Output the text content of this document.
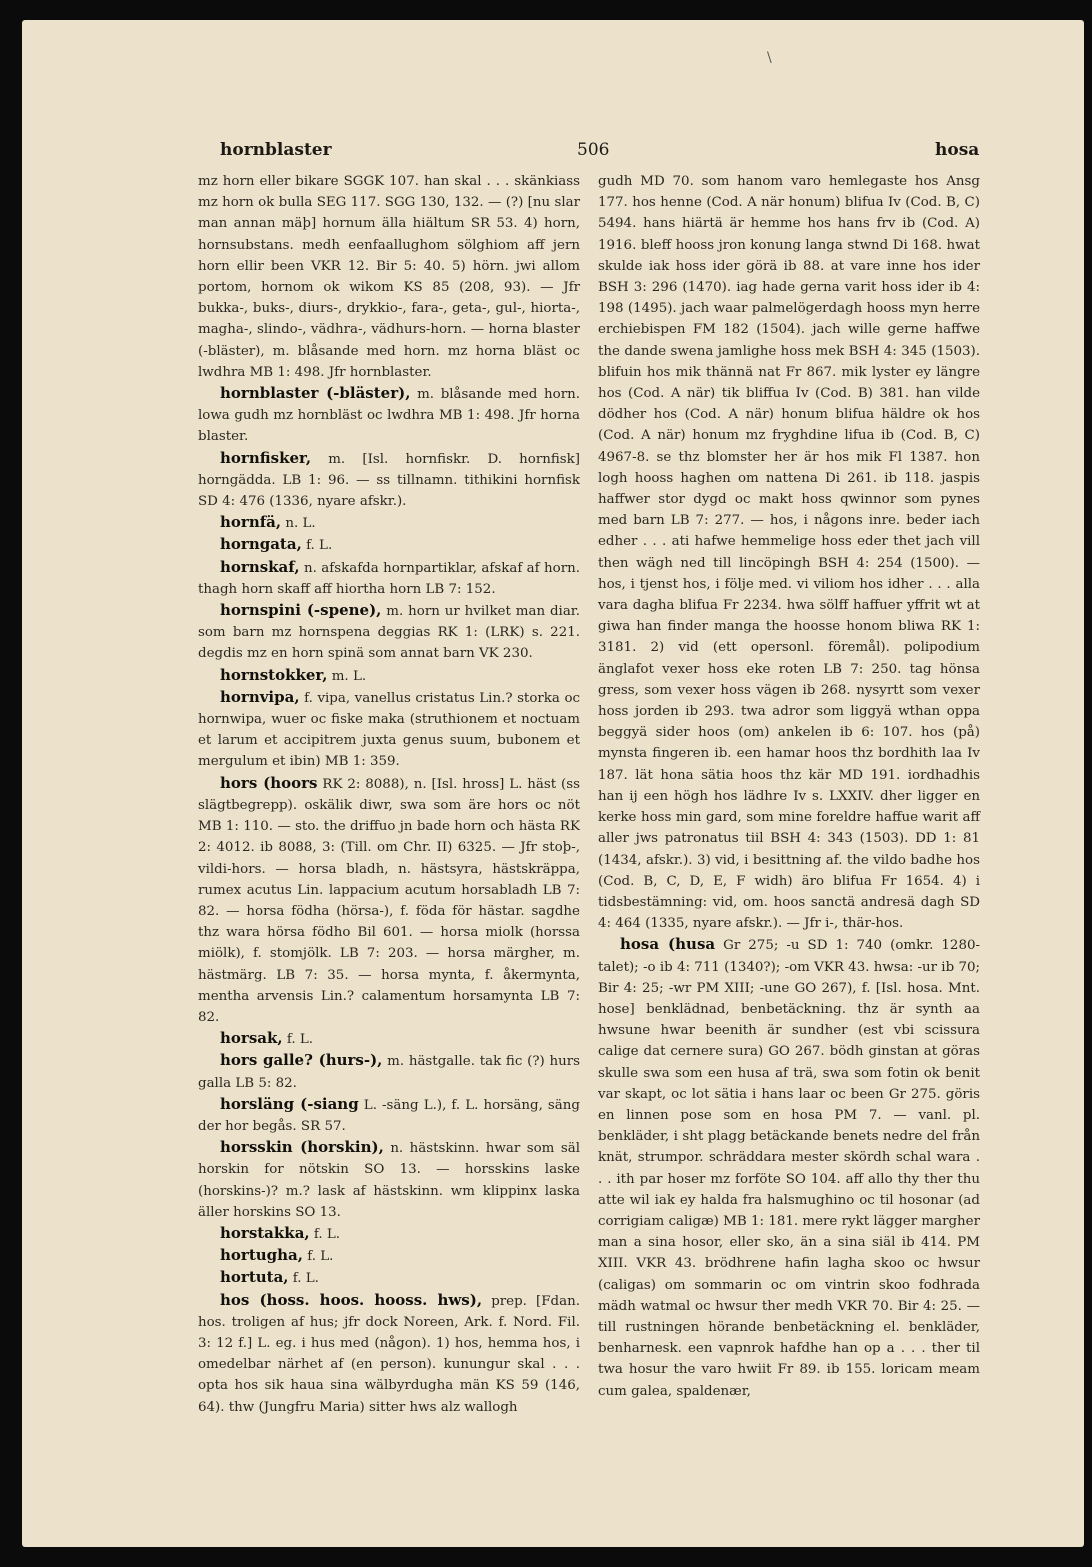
\
hornblaster	506	hosa

mz horn eller bikare SGGK 107. han skal . . . skänkiass mz horn ok bulla SEG 117. SGG 130, 132. — (?) [nu slar man annan mäþ] hornum älla hiältum SR 53. 4) horn, hornsubstans. medh eenfaallughom sölghiom aff jern horn ellir been VKR 12. Bir 5: 40. 5) hörn. jwi allom portom, hornom ok wikom KS 85 (208, 93). — Jfr bukka-, buks-, diurs-, drykkio-, fara-, geta-, gul-, hiorta-, magha-, slindo-, vädhra-, vädhurs-horn. — horna blaster (-bläster), m. blåsande med horn. mz horna bläst oc lwdhra MB 1: 498. Jfr hornblaster.

hornblaster (-bläster), m. blåsande med horn. lowa gudh mz hornbläst oc lwdhra MB 1: 498. Jfr horna blaster.

hornfisker, m. [Isl. hornfiskr. D. hornfisk] horngädda. LB 1: 96. — ss tillnamn. tithikini hornfisk SD 4: 476 (1336, nyare afskr.).

hornfä, n. L.

horngata, f. L.

hornskaf, n. afskafda hornpartiklar, afskaf af horn. thagh horn skaff aff hiortha horn LB 7: 152.

hornspini (-spene), m. horn ur hvilket man diar. som barn mz hornspena deggias RK 1: (LRK) s. 221. degdis mz en horn spinä som annat barn VK 230.

hornstokker, m. L.

hornvipa, f. vipa, vanellus cristatus Lin.? storka oc hornwipa, wuer oc fiske maka (struthionem et noctuam et larum et accipitrem juxta genus suum, bubonem et mergulum et ibin) MB 1: 359.

hors (hoors RK 2: 8088), n. [Isl. hross] L. häst (ss slägtbegrepp). oskälik diwr, swa som äre hors oc nöt MB 1: 110. — sto. the driffuo jn bade horn och hästa RK 2: 4012. ib 8088, 3: (Till. om Chr. II) 6325. — Jfr stoþ-, vildi-hors. — horsa bladh, n. hästsyra, hästskräppa, rumex acutus Lin. lappacium acutum horsabladh LB 7: 82. — horsa födha (hörsa-), f. föda för hästar. sagdhe thz wara hörsa födho Bil 601. — horsa miolk (horssa miölk), f. stomjölk. LB 7: 203. — horsa märgher, m. hästmärg. LB 7: 35. — horsa mynta, f. åkermynta, mentha arvensis Lin.? calamentum horsamynta LB 7: 82.

horsak, f. L.

hors galle? (hurs-), m. hästgalle. tak fic (?) hurs galla LB 5: 82.

horsläng (-siang L. -säng L.), f. L. horsäng, säng der hor begås. SR 57.

horsskin (horskin), n. hästskinn. hwar som säl horskin for nötskin SO 13. — horsskins laske (horskins-)? m.? lask af hästskinn. wm klippinx laska äller horskins SO 13.

horstakka, f. L.

hortugha, f. L.

hortuta, f. L.

hos (hoss. hoos. hooss. hws), prep. [Fdan. hos. troligen af hus; jfr dock Noreen, Ark. f. Nord. Fil. 3: 12 f.] L. eg. i hus med (någon). 1) hos, hemma hos, i omedelbar närhet af (en person). kunungur skal . . . opta hos sik haua sina wälbyrdugha män KS 59 (146, 64). thw (Jungfru Maria) sitter hws alz wallogh

gudh MD 70. som hanom varo hemlegaste hos Ansg 177. hos henne (Cod. A när honum) blifua Iv (Cod. B, C) 5494. hans hiärtä är hemme hos hans frv ib (Cod. A) 1916. bleff hooss jron konung langa stwnd Di 168. hwat skulde iak hoss ider görä ib 88. at vare inne hos ider BSH 3: 296 (1470). iag hade gerna varit hoss ider ib 4: 198 (1495). jach waar palmelögerdagh hooss myn herre erchiebispen FM 182 (1504). jach wille gerne haffwe the dande swena jamlighe hoss mek BSH 4: 345 (1503). blifuin hos mik thännä nat Fr 867. mik lyster ey längre hos (Cod. A när) tik bliffua Iv (Cod. B) 381. han vilde dödher hos (Cod. A när) honum blifua häldre ok hos (Cod. A när) honum mz fryghdine lifua ib (Cod. B, C) 4967-8. se thz blomster her är hos mik Fl 1387. hon logh hooss haghen om nattena Di 261. ib 118. jaspis haffwer stor dygd oc makt hoss qwinnor som pynes med barn LB 7: 277. — hos, i någons inre. beder iach edher . . . ati hafwe hemmelige hoss eder thet jach vill then wägh ned till lincöpingh BSH 4: 254 (1500). — hos, i tjenst hos, i följe med. vi viliom hos idher . . . alla vara dagha blifua Fr 2234. hwa sölff haffuer yffrit wt at giwa han finder manga the hoosse honom bliwa RK 1: 3181. 2) vid (ett opersonl. föremål). polipodium änglafot vexer hoss eke roten LB 7: 250. tag hönsa gress, som vexer hoss vägen ib 268. nysyrtt som vexer hoss jorden ib 293. twa adror som liggyä wthan oppa beggyä sider hoos (om) ankelen ib 6: 107. hos (på) mynsta fingeren ib. een hamar hoos thz bordhith laa Iv 187. lät hona sätia hoos thz kär MD 191. iordhadhis han ij een högh hos lädhre Iv s. LXXIV. dher ligger en kerke hoss min gard, som mine foreldre haffue warit aff aller jws patronatus tiil BSH 4: 343 (1503). DD 1: 81 (1434, afskr.). 3) vid, i besittning af. the vildo badhe hos (Cod. B, C, D, E, F widh) äro blifua Fr 1654. 4) i tidsbestämning: vid, om. hoos sanctä andresä dagh SD 4: 464 (1335, nyare afskr.). — Jfr i-, thär-hos.

hosa (husa Gr 275; -u SD 1: 740 (omkr. 1280-talet); -o ib 4: 711 (1340?); -om VKR 43. hwsa: -ur ib 70; Bir 4: 25; -wr PM XIII; -une GO 267), f. [Isl. hosa. Mnt. hose] benklädnad, benbetäckning. thz är synth aa hwsune hwar beenith är sundher (est vbi scissura calige dat cernere sura) GO 267. bödh ginstan at göras skulle swa som een husa af trä, swa som fotin ok benit var skapt, oc lot sätia i hans laar oc been Gr 275. göris en linnen pose som en hosa PM 7. — vanl. pl. benkläder, i sht plagg betäckande benets nedre del från knät, strumpor. schräddara mester skördh schal wara . . . ith par hoser mz forföte SO 104. aff allo thy ther thu atte wil iak ey halda fra halsmughino oc til hosonar (ad corrigiam caligæ) MB 1: 181. mere rykt lägger margher man a sina hosor, eller sko, än a sina siäl ib 414. PM XIII. VKR 43. brödhrene hafin lagha skoo oc hwsur (caligas) om sommarin oc om vintrin skoo fodhrada mädh watmal oc hwsur ther medh VKR 70. Bir 4: 25. — till rustningen hörande benbetäckning el. benkläder, benharnesk. een vapnrok hafdhe han op a . . . ther til twa hosur the varo hwiit Fr 89. ib 155. loricam meam cum galea, spaldenær,
